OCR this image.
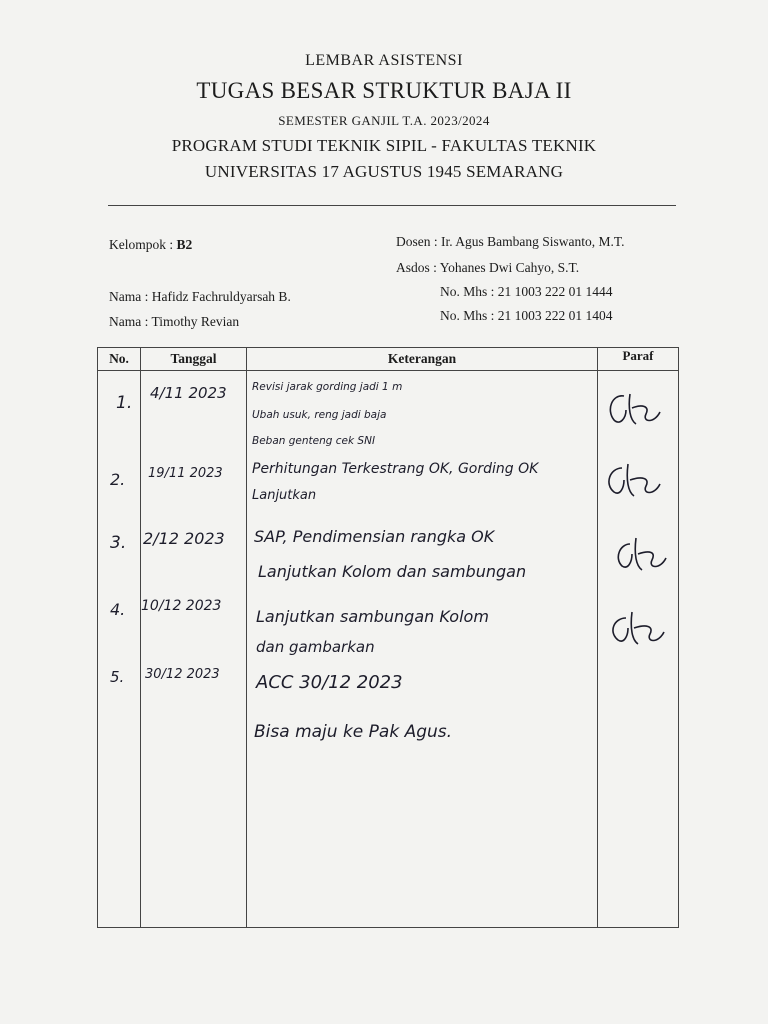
LEMBAR ASISTENSI
TUGAS BESAR STRUKTUR BAJA II
SEMESTER GANJIL T.A. 2023/2024
PROGRAM STUDI TEKNIK SIPIL - FAKULTAS TEKNIK
UNIVERSITAS 17 AGUSTUS 1945 SEMARANG
Kelompok : B2	Dosen : Ir. Agus Bambang Siswanto, M.T.
Asdos : Yohanes Dwi Cahyo, S.T.
Nama : Hafidz Fachruldyarsah B.	No. Mhs : 21 1003 222 01 1444
Nama : Timothy Revian	No. Mhs : 21 1003 222 01 1404
No.	Tanggal	Keterangan	Paraf

1. 4/11 2023 Revisi jarak gording jadi 1 m
Ubah usuk, reng jadi baja
Beban genteng cek SNI
2. 19/11 2023 Perhitungan Terkestrang OK, Gording OK
Lanjutkan
3. 2/12 2023 SAP, Pendimensian rangka OK
Lanjutkan Kolom dan sambungan
4. 10/12 2023
Lanjutkan sambungan Kolom
dan gambarkan
5. 30/12 2023 ACC 30/12 2023
Bisa maju ke Pak Agus.
